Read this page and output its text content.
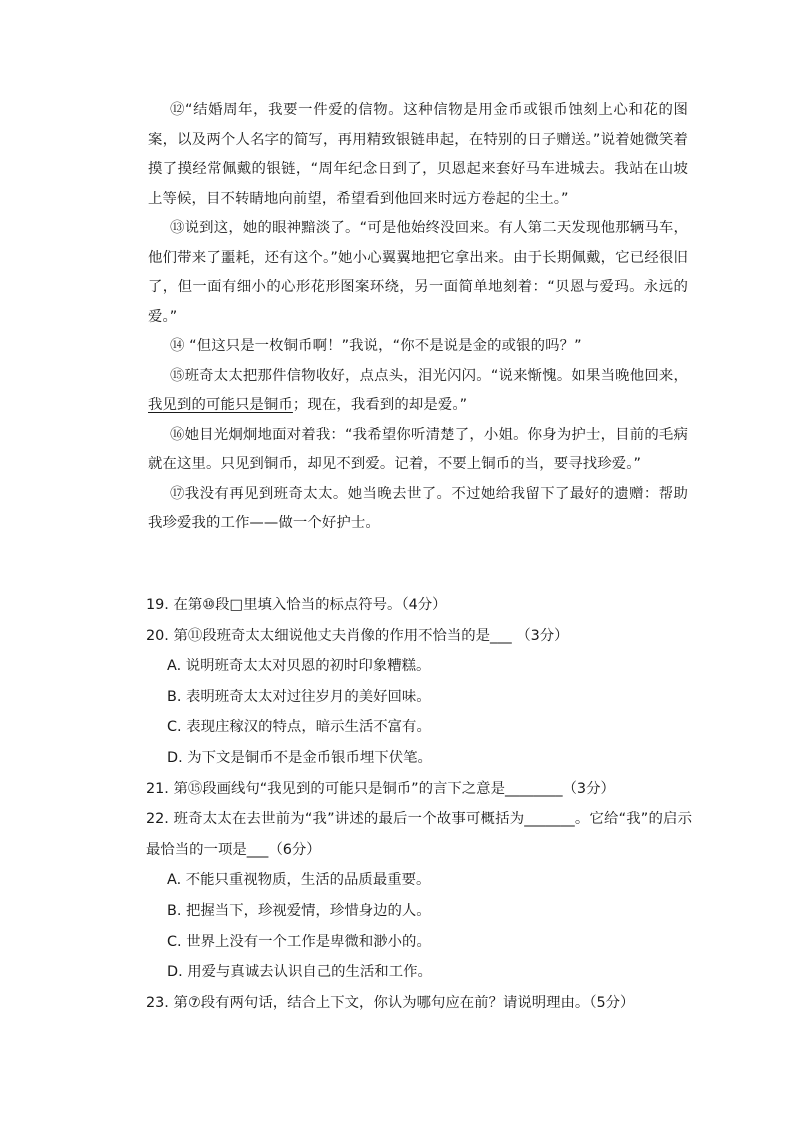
⑫“结婚周年，我要一件爱的信物。这种信物是用金币或银币蚀刻上心和花的图案，以及两个人名字的简写，再用精致银链串起，在特别的日子赠送。”说着她微笑着摸了摸经常佩戴的银链，“周年纪念日到了，贝恩起来套好马车进城去。我站在山坡上等候，目不转睛地向前望，希望看到他回来时远方卷起的尘土。”

⑬说到这，她的眼神黯淡了。“可是他始终没回来。有人第二天发现他那辆马车，他们带来了噩耗，还有这个。”她小心翼翼地把它拿出来。由于长期佩戴，它已经很旧了，但一面有细小的心形花形图案环绕，另一面简单地刻着：“贝恩与爱玛。永远的爱。”

⑭ “但这只是一枚铜币啊！”我说，“你不是说是金的或银的吗？”

⑮班奇太太把那件信物收好，点点头，泪光闪闪。“说来惭愧。如果当晚他回来，我见到的可能只是铜币；现在，我看到的却是爱。”

⑯她目光炯炯地面对着我：“我希望你听清楚了，小姐。你身为护士，目前的毛病就在这里。只见到铜币，却见不到爱。记着，不要上铜币的当，要寻找珍爱。”

⑰我没有再见到班奇太太。她当晚去世了。不过她给我留下了最好的遗赠：帮助我珍爱我的工作——做一个好护士。

19. 在第⑩段□里填入恰当的标点符号。（4分）

20. 第⑪段班奇太太细说他丈夫肖像的作用不恰当的是___ （3分）

A. 说明班奇太太对贝恩的初时印象糟糕。

B. 表明班奇太太对过往岁月的美好回味。

C. 表现庄稼汉的特点，暗示生活不富有。

D. 为下文是铜币不是金币银币埋下伏笔。

21. 第⑮段画线句“我见到的可能只是铜币”的言下之意是________（3分）

22. 班奇太太在去世前为“我”讲述的最后一个故事可概括为_______。它给“我”的启示最恰当的一项是___（6分）

A. 不能只重视物质，生活的品质最重要。

B. 把握当下，珍视爱情，珍惜身边的人。

C. 世界上没有一个工作是卑微和渺小的。

D. 用爱与真诚去认识自己的生活和工作。

23. 第⑦段有两句话，结合上下文，你认为哪句应在前？请说明理由。（5分）
